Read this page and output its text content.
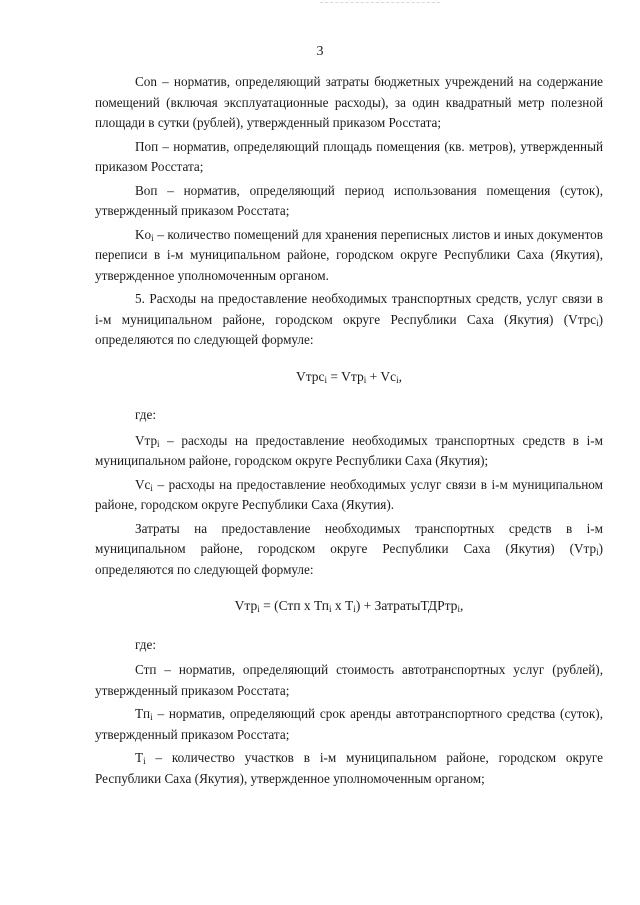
3

Con – норматив, определяющий затраты бюджетных учреждений на содержание помещений (включая эксплуатационные расходы), за один квадратный метр полезной площади в сутки (рублей), утвержденный приказом Росстата;

Пoп – норматив, определяющий площадь помещения (кв. метров), утвержденный приказом Росстата;

Boп – норматив, определяющий период использования помещения (суток), утвержденный приказом Росстата;

$Ko_i$ – количество помещений для хранения переписных листов и иных документов переписи в i-м муниципальном районе, городском округе Республики Саха (Якутия), утвержденное уполномоченным органом.

5. Расходы на предоставление необходимых транспортных средств, услуг связи в i-м муниципальном районе, городском округе Республики Саха (Якутия) (Vтрс$_i$) определяются по следующей формуле:

Vтрс$_i$ = $Vтр_i + Vc_i$,

где:

Vтр$_i$ – расходы на предоставление необходимых транспортных средств в i-м муниципальном районе, городском округе Республики Саха (Якутия);

$Vc_i$ – расходы на предоставление необходимых услуг связи в i-м муниципальном районе, городском округе Республики Саха (Якутия).

Затраты на предоставление необходимых транспортных средств в i-м муниципальном районе, городском округе Республики Саха (Якутия) (Vтр$_i$) определяются по следующей формуле:

Vтр$_i$ = (Стп х $Тп_i$ х $Т_i$) + ЗатратыТДРтр$_i$,

где:

Стп – норматив, определяющий стоимость автотранспортных услуг (рублей), утвержденный приказом Росстата;

$Tп_i$ – норматив, определяющий срок аренды автотранспортного средства (суток), утвержденный приказом Росстата;

$T_i$ – количество участков в i-м муниципальном районе, городском округе Республики Саха (Якутия), утвержденное уполномоченным органом;
